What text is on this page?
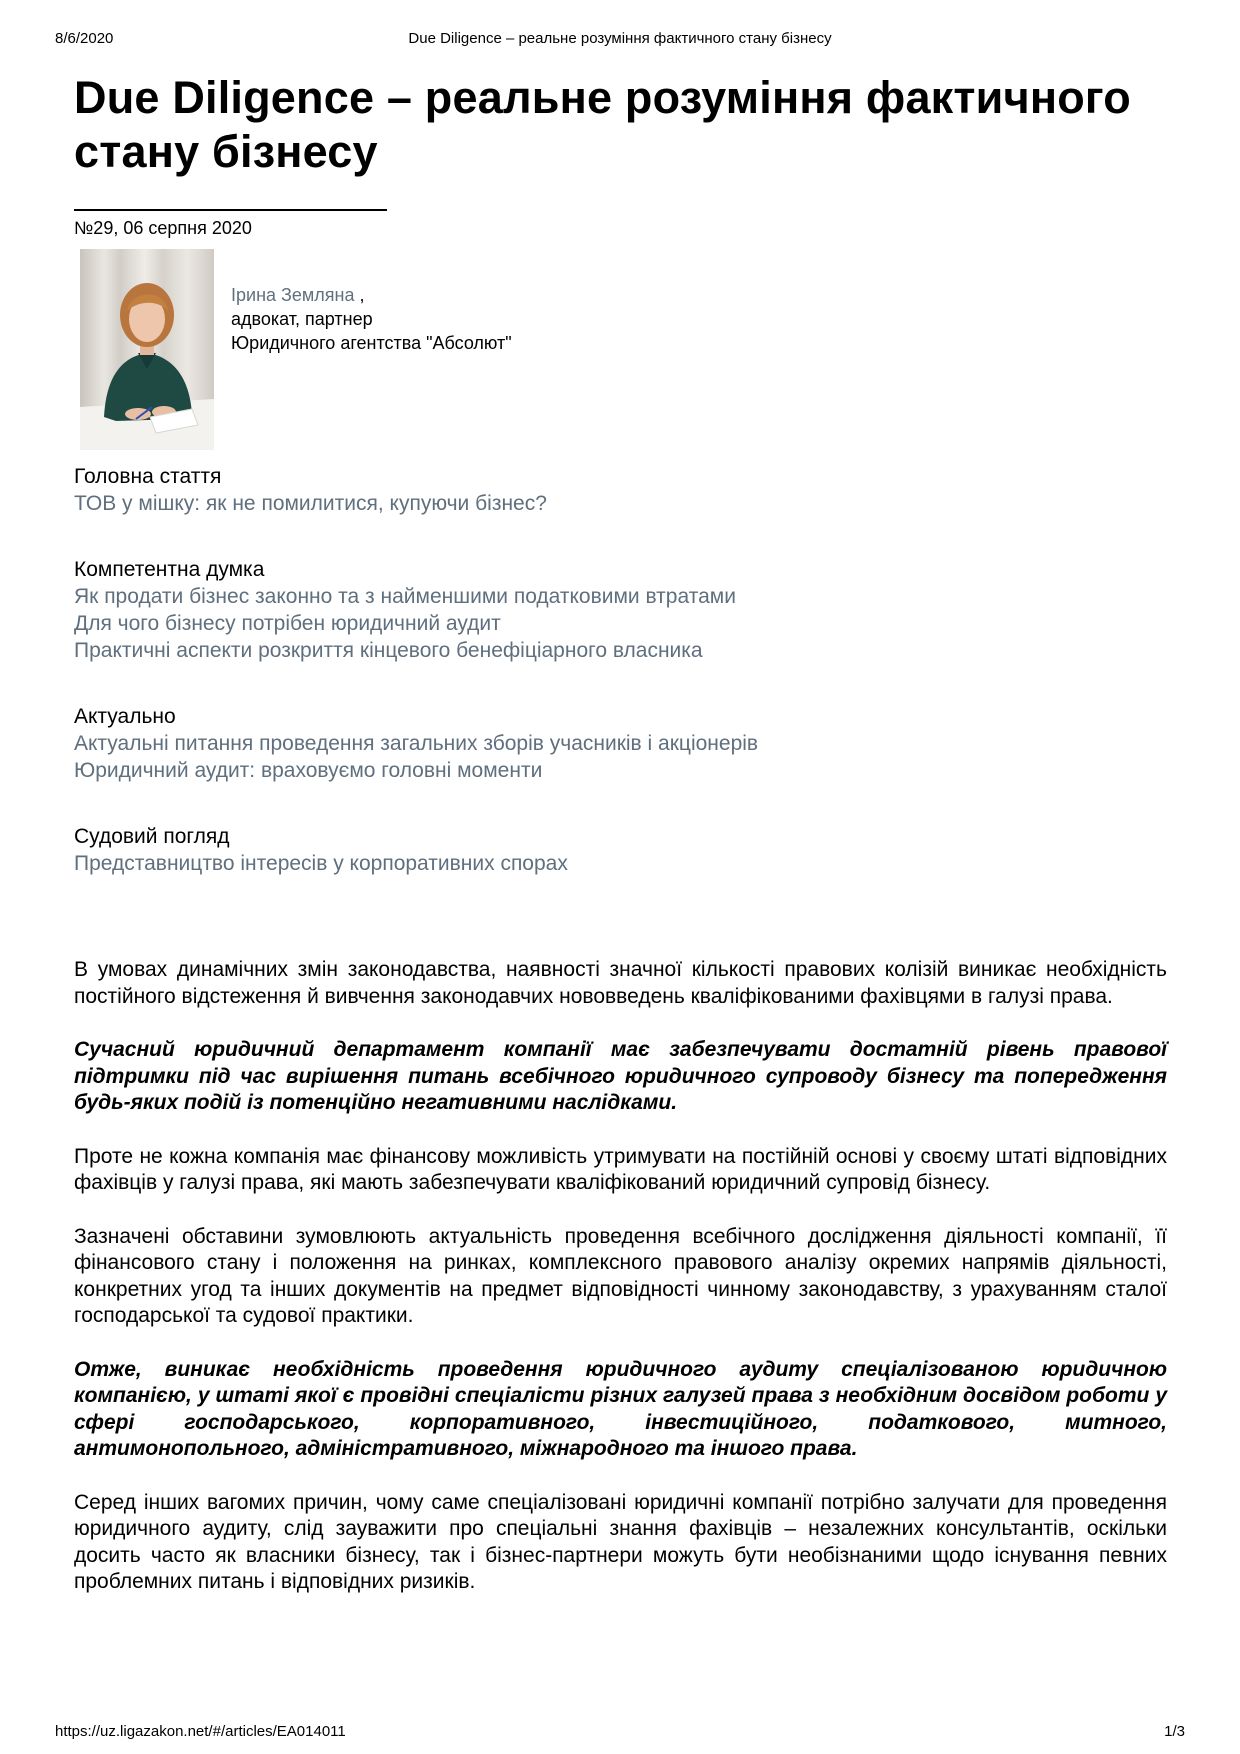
8/6/2020	Due Diligence – реальне розуміння фактичного стану бізнесу
Due Diligence – реальне розуміння фактичного стану бізнесу
№29, 06 серпня 2020
Ірина Земляна ,
адвокат, партнер
Юридичного агентства "Абсолют"
Головна стаття
ТОВ у мішку: як не помилитися, купуючи бізнес?
Компетентна думка
Як продати бізнес законно та з найменшими податковими втратами
Для чого бізнесу потрібен юридичний аудит
Практичні аспекти розкриття кінцевого бенефіціарного власника
Актуально
Актуальні питання проведення загальних зборів учасників і акціонерів
Юридичний аудит: враховуємо головні моменти
Судовий погляд
Представництво інтересів у корпоративних спорах

В умовах динамічних змін законодавства, наявності значної кількості правових колізій виникає необхідність постійного відстеження й вивчення законодавчих нововведень кваліфікованими фахівцями в галузі права.

Сучасний юридичний департамент компанії має забезпечувати достатній рівень правової підтримки під час вирішення питань всебічного юридичного супроводу бізнесу та попередження будь-яких подій із потенційно негативними наслідками.

Проте не кожна компанія має фінансову можливість утримувати на постійній основі у своєму штаті відповідних фахівців у галузі права, які мають забезпечувати кваліфікований юридичний супровід бізнесу.

Зазначені обставини зумовлюють актуальність проведення всебічного дослідження діяльності компанії, її фінансового стану і положення на ринках, комплексного правового аналізу окремих напрямів діяльності, конкретних угод та інших документів на предмет відповідності чинному законодавству, з урахуванням сталої господарської та судової практики.

Отже, виникає необхідність проведення юридичного аудиту спеціалізованою юридичною компанією, у штаті якої є провідні спеціалісти різних галузей права з необхідним досвідом роботи у сфері господарського, корпоративного, інвестиційного, податкового, митного, антимонопольного, адміністративного, міжнародного та іншого права.

Серед інших вагомих причин, чому саме спеціалізовані юридичні компанії потрібно залучати для проведення юридичного аудиту, слід зауважити про спеціальні знання фахівців – незалежних консультантів, оскільки досить часто як власники бізнесу, так і бізнес-партнери можуть бути необізнаними щодо існування певних проблемних питань і відповідних ризиків.

https://uz.ligazakon.net/#/articles/EA014011	1/3
